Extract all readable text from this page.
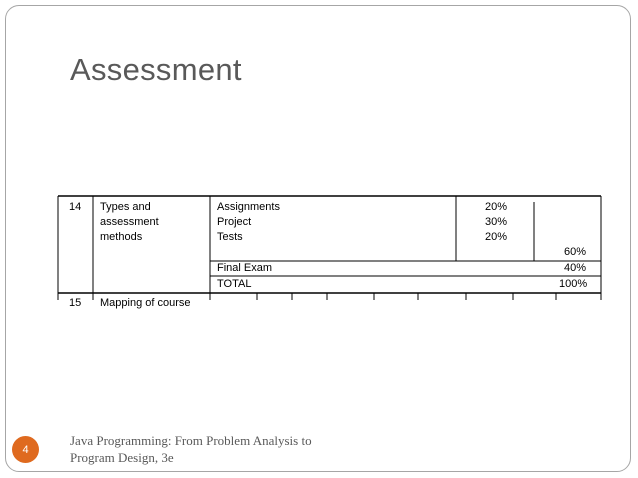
Assessment
14 Types and
assessment
methods
Assignments
Project
Tests
20%
30%
20%
60%
Final Exam	40%
TOTAL	100%
15 Mapping of course
4
Java Programming: From Problem Analysis to
Program Design, 3e
